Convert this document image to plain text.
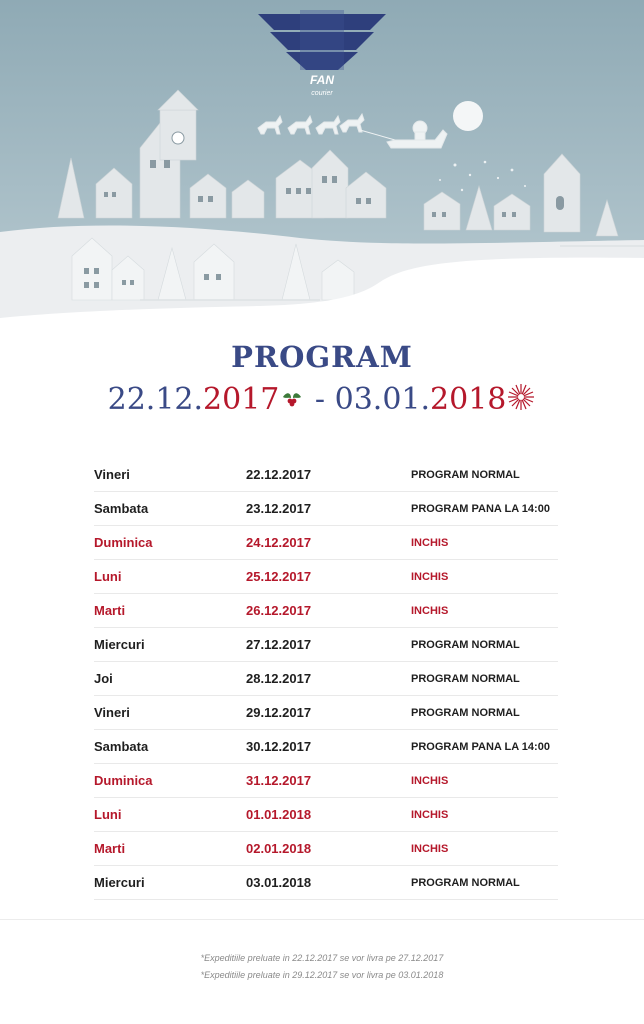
FAN
courier
PROGRAM
22.12.2017 - 03.01.2018
Vineri	22.12.2017	PROGRAM NORMAL
Sambata	23.12.2017	PROGRAM PANA LA 14:00
Duminica	24.12.2017	INCHIS
Luni	25.12.2017	INCHIS
Marti	26.12.2017	INCHIS
Miercuri	27.12.2017	PROGRAM NORMAL
Joi	28.12.2017	PROGRAM NORMAL
Vineri	29.12.2017	PROGRAM NORMAL
Sambata	30.12.2017	PROGRAM PANA LA 14:00
Duminica	31.12.2017	INCHIS
Luni	01.01.2018	INCHIS
Marti	02.01.2018	INCHIS
Miercuri	03.01.2018	PROGRAM NORMAL
*Expeditiile preluate in 22.12.2017 se vor livra pe 27.12.2017
*Expeditiile preluate in 29.12.2017 se vor livra pe 03.01.2018
